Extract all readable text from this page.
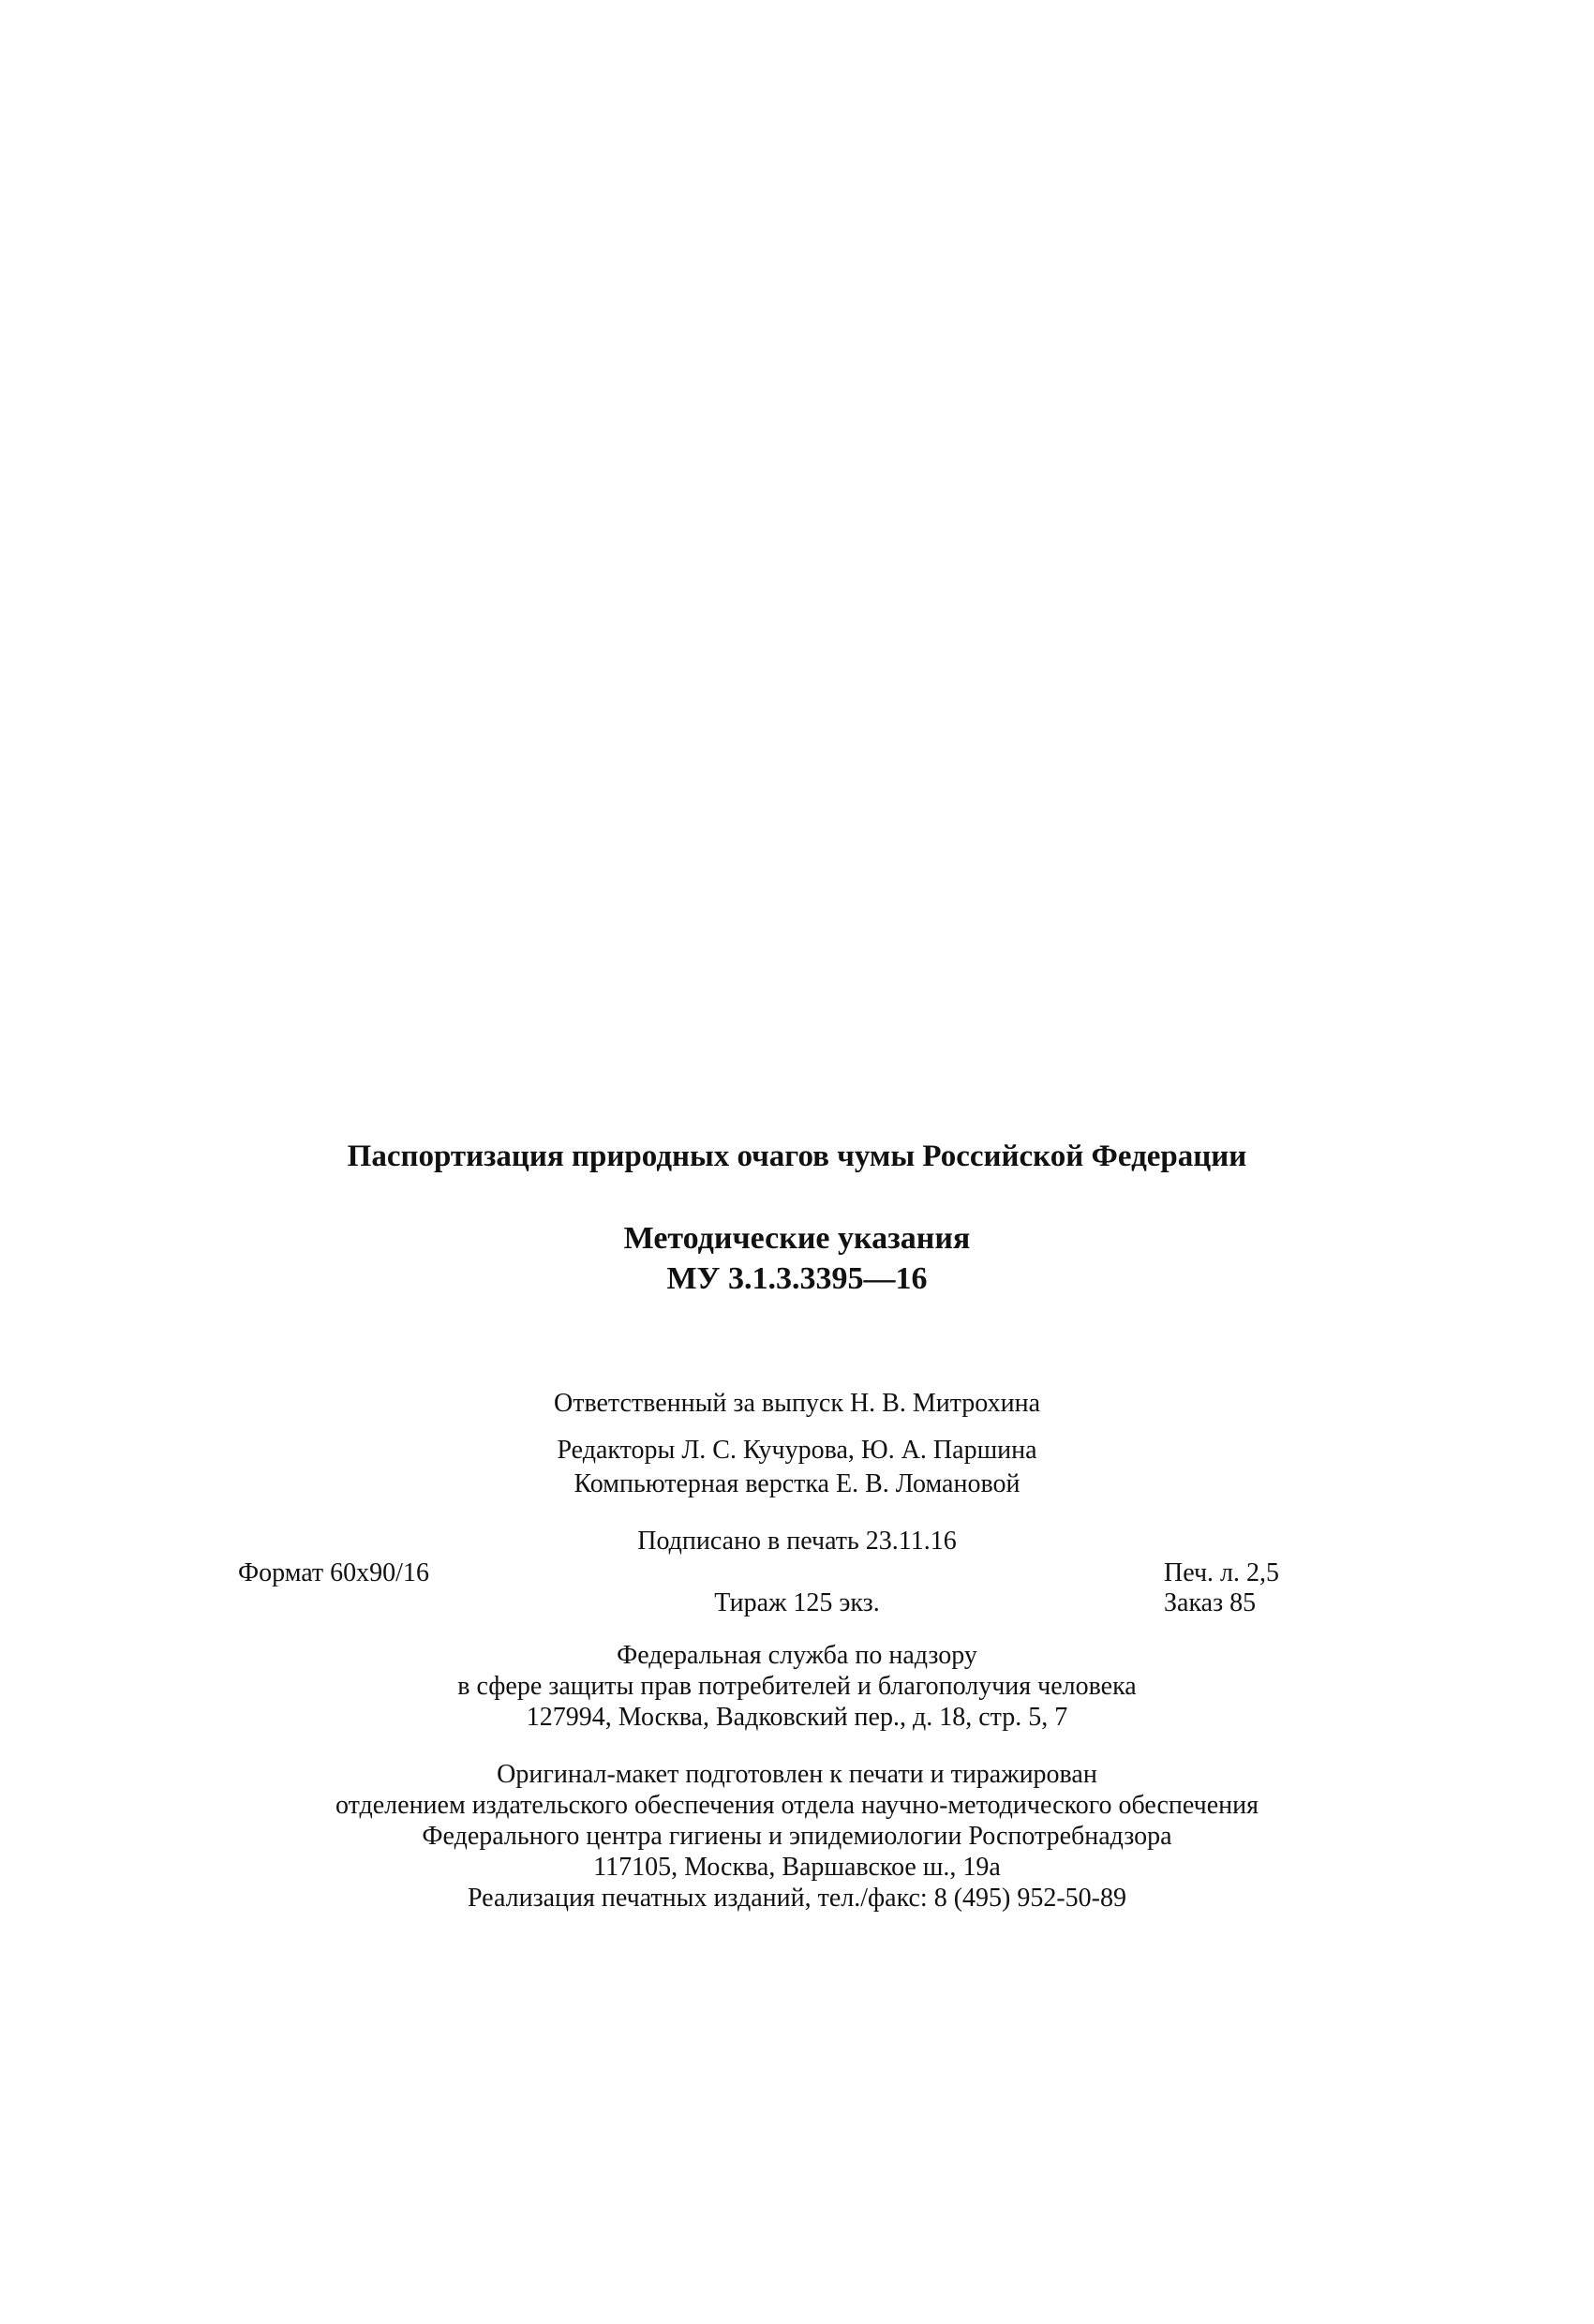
Паспортизация природных очагов чумы Российской Федерации
Методические указания
МУ 3.1.3.3395—16
Ответственный за выпуск Н. В. Митрохина
Редакторы Л. С. Кучурова, Ю. А. Паршина
Компьютерная верстка Е. В. Ломановой
Подписано в печать 23.11.16
Формат 60х90/16	Печ. л. 2,5
Тираж 125 экз.	Заказ 85
Федеральная служба по надзору
в сфере защиты прав потребителей и благополучия человека
127994, Москва, Вадковский пер., д. 18, стр. 5, 7
Оригинал-макет подготовлен к печати и тиражирован
отделением издательского обеспечения отдела научно-методического обеспечения
Федерального центра гигиены и эпидемиологии Роспотребнадзора
117105, Москва, Варшавское ш., 19а
Реализация печатных изданий, тел./факс: 8 (495) 952-50-89
